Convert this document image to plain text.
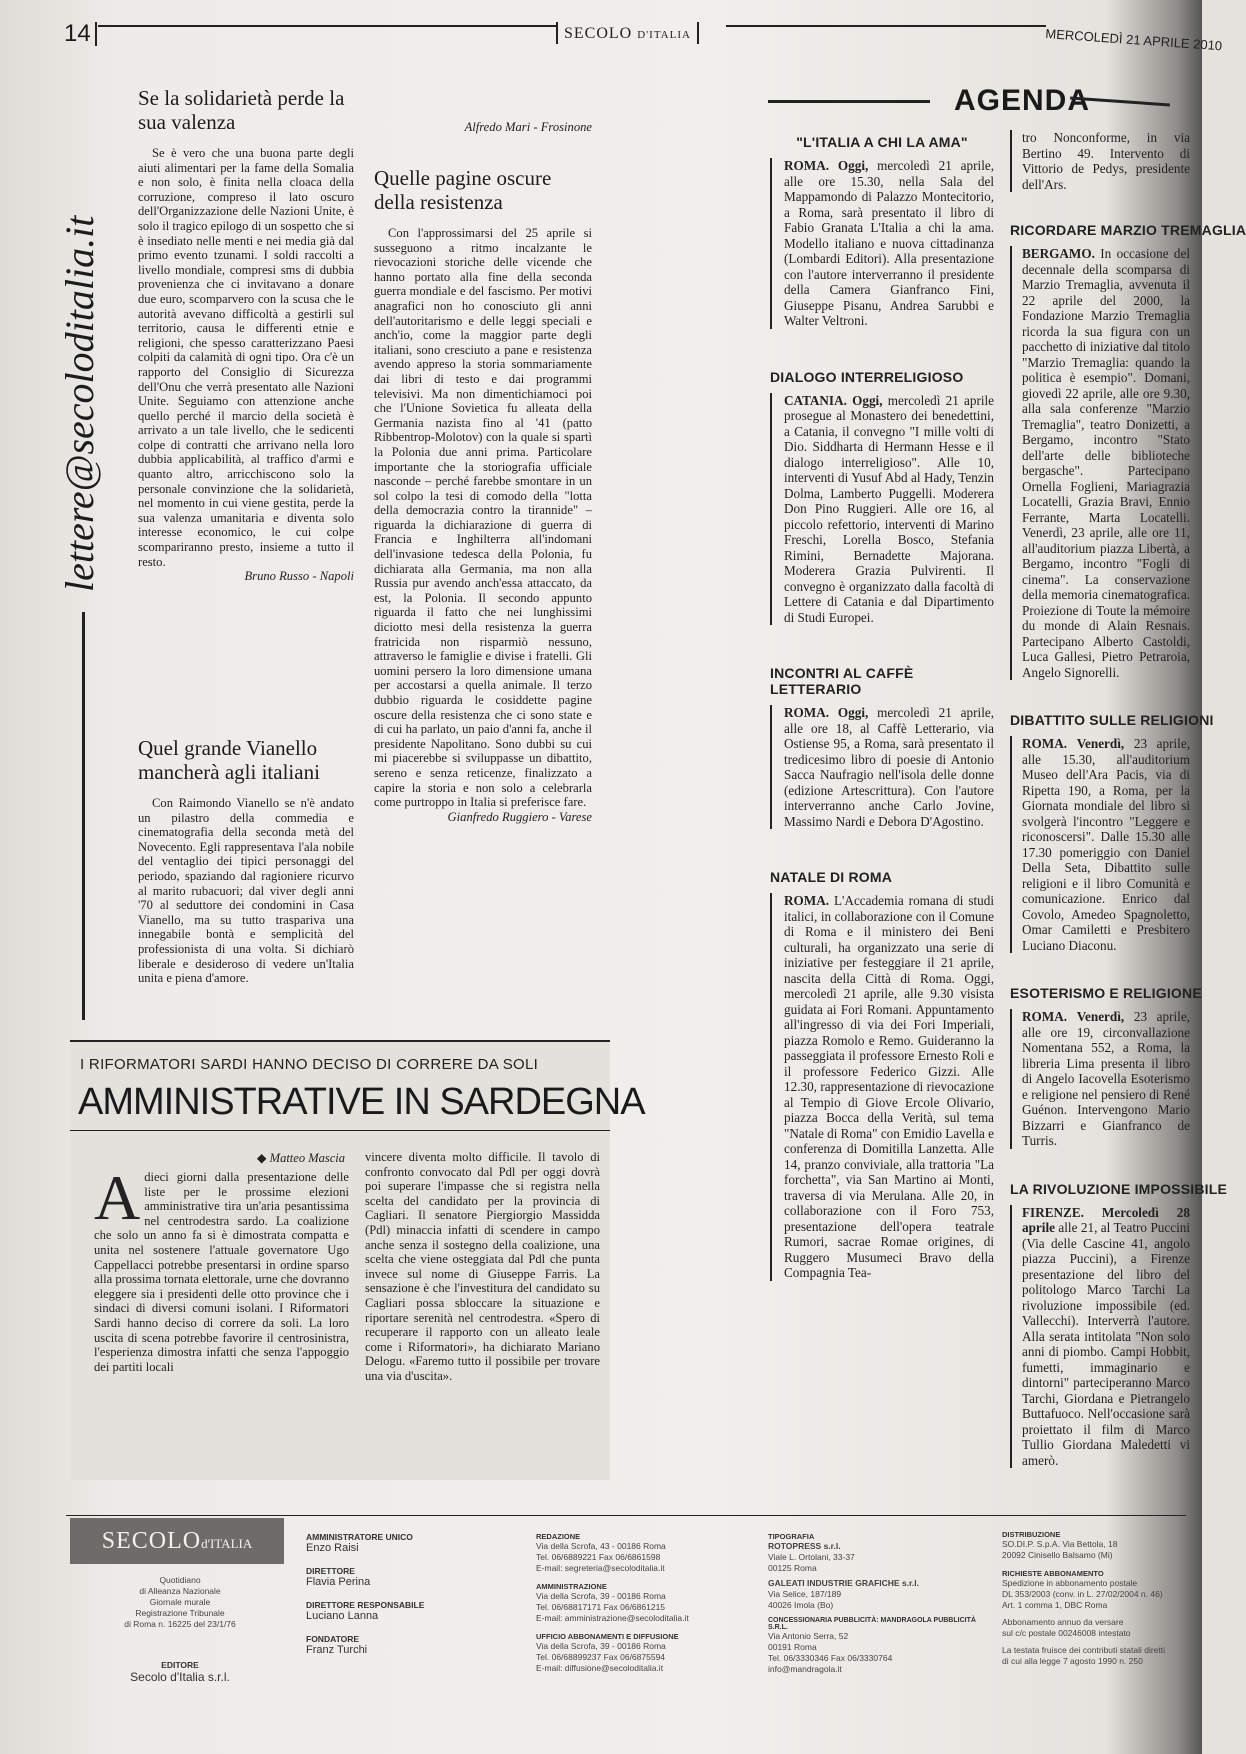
14	SECOLO D'ITALIA	MERCOLEDÌ 21 APRILE 2010
lettere@secoloditalia.it
Se la solidarietà perde la sua valenza

Se è vero che una buona parte degli aiuti alimentari per la fame della Somalia e non solo, è finita nella cloaca della corruzione, compreso il lato oscuro dell'Organizzazione delle Nazioni Unite, è solo il tragico epilogo di un sospetto che si è insediato nelle menti e nei media già dal primo evento tzunami. I soldi raccolti a livello mondiale, compresi sms di dubbia provenienza che ci invitavano a donare due euro, scomparvero con la scusa che le autorità avevano difficoltà a gestirli sul territorio, causa le differenti etnie e religioni, che spesso caratterizzano Paesi colpiti da calamità di ogni tipo. Ora c'è un rapporto del Consiglio di Sicurezza dell'Onu che verrà presentato alle Nazioni Unite. Seguiamo con attenzione anche quello perché il marcio della società è arrivato a un tale livello, che le sedicenti colpe di contratti che arrivano nella loro dubbia applicabilità, al traffico d'armi e quanto altro, arricchiscono solo la personale convinzione che la solidarietà, nel momento in cui viene gestita, perde la sua valenza umanitaria e diventa solo interesse economico, le cui colpe scompariranno presto, insieme a tutto il resto.

Bruno Russo - Napoli
Quel grande Vianello mancherà agli italiani

Con Raimondo Vianello se n'è andato un pilastro della commedia e cinematografia della seconda metà del Novecento. Egli rappresentava l'ala nobile del ventaglio dei tipici personaggi del periodo, spaziando dal ragioniere ricurvo al marito rubacuori; dal viver degli anni '70 al seduttore dei condomini in Casa Vianello, ma su tutto traspariva una innegabile bontà e semplicità del professionista di una volta. Si dichiarò liberale e desideroso di vedere un'Italia unita e piena d'amore.

Alfredo Mari - Frosinone
Quelle pagine oscure della resistenza

Con l'approssimarsi del 25 aprile si susseguono a ritmo incalzante le rievocazioni storiche delle vicende che hanno portato alla fine della seconda guerra mondiale e del fascismo. Per motivi anagrafici non ho conosciuto gli anni dell'autoritarismo e delle leggi speciali e anch'io, come la maggior parte degli italiani, sono cresciuto a pane e resistenza avendo appreso la storia sommariamente dai libri di testo e dai programmi televisivi. Ma non dimentichiamoci poi che l'Unione Sovietica fu alleata della Germania nazista fino al '41 (patto Ribbentrop-Molotov) con la quale si spartì la Polonia due anni prima. Particolare importante che la storiografia ufficiale nasconde – perché farebbe smontare in un sol colpo la tesi di comodo della "lotta della democrazia contro la tirannide" – riguarda la dichiarazione di guerra di Francia e Inghilterra all'indomani dell'invasione tedesca della Polonia, fu dichiarata alla Germania, ma non alla Russia pur avendo anch'essa attaccato, da est, la Polonia. Il secondo appunto riguarda il fatto che nei lunghissimi diciotto mesi della resistenza la guerra fratricida non risparmiò nessuno, attraverso le famiglie e divise i fratelli. Gli uomini persero la loro dimensione umana per accostarsi a quella animale. Il terzo dubbio riguarda le cosiddette pagine oscure della resistenza che ci sono state e di cui ha parlato, un paio d'anni fa, anche il presidente Napolitano. Sono dubbi su cui mi piacerebbe si sviluppasse un dibattito, sereno e senza reticenze, finalizzato a capire la storia e non solo a celebrarla come purtroppo in Italia si preferisce fare.

Gianfredo Ruggiero - Varese
I RIFORMATORI SARDI HANNO DECISO DI CORRERE DA SOLI
AMMINISTRATIVE IN SARDEGNA
◆ Matteo Mascia
Adieci giorni dalla presentazione delle liste per le prossime elezioni amministrative tira un'aria pesantissima nel centrodestra sardo. La coalizione che solo un anno fa si è dimostrata compatta e unita nel sostenere l'attuale governatore Ugo Cappellacci potrebbe presentarsi in ordine sparso alla prossima tornata elettorale, urne che dovranno eleggere sia i presidenti delle otto province che i sindaci di diversi comuni isolani. I Riformatori Sardi hanno deciso di correre da soli. La loro uscita di scena potrebbe favorire il centrosinistra, l'esperienza dimostra infatti che senza l'appoggio dei partiti locali
vincere diventa molto difficile. Il tavolo di confronto convocato dal Pdl per oggi dovrà poi superare l'impasse che si registra nella scelta del candidato per la provincia di Cagliari. Il senatore Piergiorgio Massidda (Pdl) minaccia infatti di scendere in campo anche senza il sostegno della coalizione, una scelta che viene osteggiata dal Pdl che punta invece sul nome di Giuseppe Farris. La sensazione è che l'investitura del candidato su Cagliari possa sbloccare la situazione e riportare serenità nel centrodestra. «Spero di recuperare il rapporto con un alleato leale come i Riformatori», ha dichiarato Mariano Delogu. «Faremo tutto il possibile per trovare una via d'uscita».
AGENDA
"L'ITALIA A CHI LA AMA"
ROMA. Oggi, mercoledì 21 aprile, alle ore 15.30, nella Sala del Mappamondo di Palazzo Montecitorio, a Roma, sarà presentato il libro di Fabio Granata L'Italia a chi la ama. Modello italiano e nuova cittadinanza (Lombardi Editori). Alla presentazione con l'autore interverranno il presidente della Camera Gianfranco Fini, Giuseppe Pisanu, Andrea Sarubbi e Walter Veltroni.
DIALOGO INTERRELIGIOSO
CATANIA. Oggi, mercoledì 21 aprile prosegue al Monastero dei benedettini, a Catania, il convegno "I mille volti di Dio. Siddharta di Hermann Hesse e il dialogo interreligioso". Alle 10, interventi di Yusuf Abd al Hady, Tenzin Dolma, Lamberto Puggelli. Moderera Don Pino Ruggieri. Alle ore 16, al piccolo refettorio, interventi di Marino Freschi, Lorella Bosco, Stefania Rimini, Bernadette Majorana. Moderera Grazia Pulvirenti. Il convegno è organizzato dalla facoltà di Lettere di Catania e dal Dipartimento di Studi Europei.
INCONTRI AL CAFFÈ LETTERARIO
ROMA. Oggi, mercoledì 21 aprile, alle ore 18, al Caffè Letterario, via Ostiense 95, a Roma, sarà presentato il tredicesimo libro di poesie di Antonio Sacca Naufragio nell'isola delle donne (edizione Artescrittura). Con l'autore interverranno anche Carlo Jovine, Massimo Nardi e Debora D'Agostino.
NATALE DI ROMA
ROMA. L'Accademia romana di studi italici, in collaborazione con il Comune di Roma e il ministero dei Beni culturali, ha organizzato una serie di iniziative per festeggiare il 21 aprile, nascita della Città di Roma. Oggi, mercoledì 21 aprile, alle 9.30 visista guidata ai Fori Romani. Appuntamento all'ingresso di via dei Fori Imperiali, piazza Romolo e Remo. Guideranno la passeggiata il professore Ernesto Roli e il professore Federico Gizzi. Alle 12.30, rappresentazione di rievocazione al Tempio di Giove Ercole Olivario, piazza Bocca della Verità, sul tema "Natale di Roma" con Emidio Lavella e conferenza di Domitilla Lanzetta. Alle 14, pranzo conviviale, alla trattoria "La forchetta", via San Martino ai Monti, traversa di via Merulana. Alle 20, in collaborazione con il Foro 753, presentazione dell'opera teatrale Rumori, sacrae Romae origines, di Ruggero Musumeci Bravo della Compagnia Tea-
tro Nonconforme, in via Bertino 49. Intervento di Vittorio de Pedys, presidente dell'Ars.
RICORDARE MARZIO TREMAGLIA
BERGAMO. In occasione del decennale della scomparsa di Marzio Tremaglia, avvenuta il 22 aprile del 2000, la Fondazione Marzio Tremaglia ricorda la sua figura con un pacchetto di iniziative dal titolo "Marzio Tremaglia: quando la politica è esempio". Domani, giovedì 22 aprile, alle ore 9.30, alla sala conferenze "Marzio Tremaglia", teatro Donizetti, a Bergamo, incontro "Stato dell'arte delle biblioteche bergasche". Partecipano Ornella Foglieni, Mariagrazia Locatelli, Grazia Bravi, Ennio Ferrante, Marta Locatelli. Venerdì, 23 aprile, alle ore 11, all'auditorium piazza Libertà, a Bergamo, incontro "Fogli di cinema". La conservazione della memoria cinematografica. Proiezione di Toute la mémoire du monde di Alain Resnais. Partecipano Alberto Castoldi, Luca Gallesi, Pietro Petraroia, Angelo Signorelli.
DIBATTITO SULLE RELIGIONI
ROMA. Venerdì, 23 aprile, alle 15.30, all'auditorium Museo dell'Ara Pacis, via di Ripetta 190, a Roma, per la Giornata mondiale del libro si svolgerà l'incontro "Leggere e riconoscersi". Dalle 15.30 alle 17.30 pomeriggio con Daniel Della Seta, Dibattito sulle religioni e il libro Comunità e comunicazione. Enrico dal Covolo, Amedeo Spagnoletto, Omar Camiletti e Presbitero Luciano Diaconu.
ESOTERISMO E RELIGIONE
ROMA. Venerdì, 23 aprile, alle ore 19, circonvallazione Nomentana 552, a Roma, la libreria Lima presenta il libro di Angelo Iacovella Esoterismo e religione nel pensiero di René Guénon. Intervengono Mario Bizzarri e Gianfranco de Turris.
LA RIVOLUZIONE IMPOSSIBILE
FIRENZE. Mercoledì 28 aprile alle 21, al Teatro Puccini (Via delle Cascine 41, angolo piazza Puccini), a Firenze presentazione del libro del politologo Marco Tarchi La rivoluzione impossibile (ed. Vallecchi). Interverrà l'autore. Alla serata intitolata "Non solo anni di piombo. Campi Hobbit, fumetti, immaginario e dintorni" parteciperanno Marco Tarchi, Giordana e Pietrangelo Buttafuoco. Nell'occasione sarà proiettato il film di Marco Tullio Giordana Maledetti vi amerò.
SECOLOd'ITALIA
Quotidiano
di Alleanza Nazionale
Giornale murale
Registrazione Tribunale
di Roma n. 16225 del 23/1/76
EDITORE
Secolo d'Italia s.r.l.
AMMINISTRATORE UNICO
Enzo Raisi
DIRETTORE
Flavia Perina
DIRETTORE RESPONSABILE
Luciano Lanna
FONDATORE
Franz Turchi
REDAZIONE
Via della Scrofa, 43 - 00186 Roma
Tel. 06/6889221 Fax 06/6861598
E-mail: segreteria@secoloditalia.it
AMMINISTRAZIONE
Via della Scrofa, 39 - 00186 Roma
Tel. 06/68817171 Fax 06/6861215
E-mail: amministrazione@secoloditalia.it
UFFICIO ABBONAMENTI E DIFFUSIONE
Via della Scrofa, 39 - 00186 Roma
Tel. 06/68899237 Fax 06/6875594
E-mail: diffusione@secoloditalia.it
TIPOGRAFIA
ROTOPRESS s.r.l.
Viale L. Ortolani, 33-37
00125 Roma
GALEATI INDUSTRIE GRAFICHE s.r.l.
Via Selice, 187/189
40026 Imola (Bo)
CONCESSIONARIA PUBBLICITÀ: MANDRAGOLA PUBBLICITÀ S.R.L.
Via Antonio Serra, 52
00191 Roma
Tel. 06/3330346 Fax 06/3330764
info@mandragola.it
DISTRIBUZIONE
SO.DI.P. S.p.A. Via Bettola, 18
20092 Cinisello Balsamo (Mi)
RICHIESTE ABBONAMENTO
Spedizione in abbonamento postale
DL 353/2003 (conv. in L. 27/02/2004 n. 46)
Art. 1 comma 1, DBC Roma
Abbonamento annuo da versare
sul c/c postale 00246008 intestato
La testata fruisce dei contributi statali diretti
di cui alla legge 7 agosto 1990 n. 250
